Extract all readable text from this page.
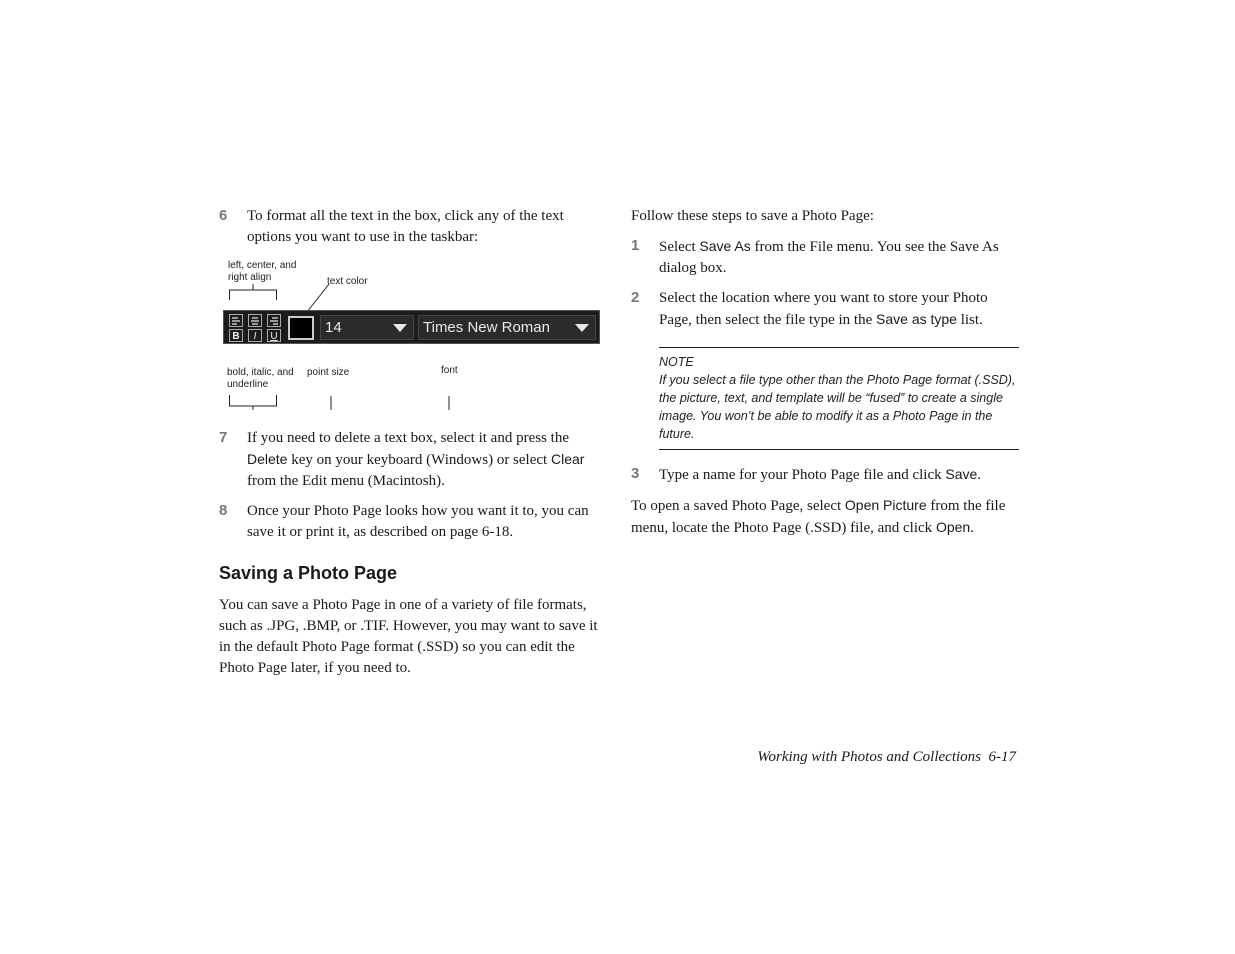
6 To format all the text in the box, click any of the text options you want to use in the taskbar:
left, center, and right align	text color
B	I	U
14	Times New Roman
bold, italic, and underline
point size	font
7 If you need to delete a text box, select it and press the Delete key on your keyboard (Windows) or select Clear from the Edit menu (Macintosh).
8 Once your Photo Page looks how you want it to, you can save it or print it, as described on page 6-18.
Saving a Photo Page
You can save a Photo Page in one of a variety of file formats, such as .JPG, .BMP, or .TIF. However, you may want to save it in the default Photo Page format (.SSD) so you can edit the Photo Page later, if you need to.
Follow these steps to save a Photo Page:
1 Select Save As from the File menu. You see the Save As dialog box.
2 Select the location where you want to store your Photo Page, then select the file type in the Save as type list.
NOTE
If you select a file type other than the Photo Page format (.SSD), the picture, text, and template will be “fused” to create a single image. You won’t be able to modify it as a Photo Page in the future.
3 Type a name for your Photo Page file and click Save.
To open a saved Photo Page, select Open Picture from the file menu, locate the Photo Page (.SSD) file, and click Open.
Working with Photos and Collections 6-17
